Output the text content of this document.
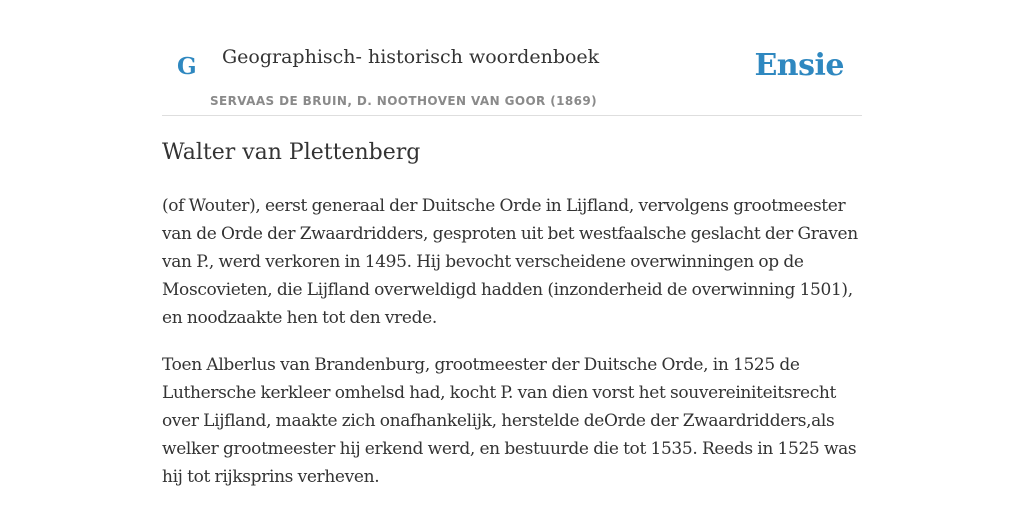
G Geographisch- historisch woordenboek
SERVAAS DE BRUIN, D. NOOTHOVEN VAN GOOR (1869)
Ensie
Walter van Plettenberg

(of Wouter), eerst generaal der Duitsche Orde in Lijfland, vervolgens grootmeester van de Orde der Zwaardridders, gesproten uit bet westfaalsche geslacht der Graven van P., werd verkoren in 1495. Hij bevocht verscheidene overwinningen op de Moscovieten, die Lijfland overweldigd hadden (inzonderheid de overwinning 1501), en noodzaakte hen tot den vrede.

Toen Alberlus van Brandenburg, grootmeester der Duitsche Orde, in 1525 de Luthersche kerkleer omhelsd had, kocht P. van dien vorst het souvereiniteitsrecht over Lijfland, maakte zich onafhankelijk, herstelde deOrde der Zwaardridders,als welker grootmeester hij erkend werd, en bestuurde die tot 1535. Reeds in 1525 was hij tot rijksprins verheven.
